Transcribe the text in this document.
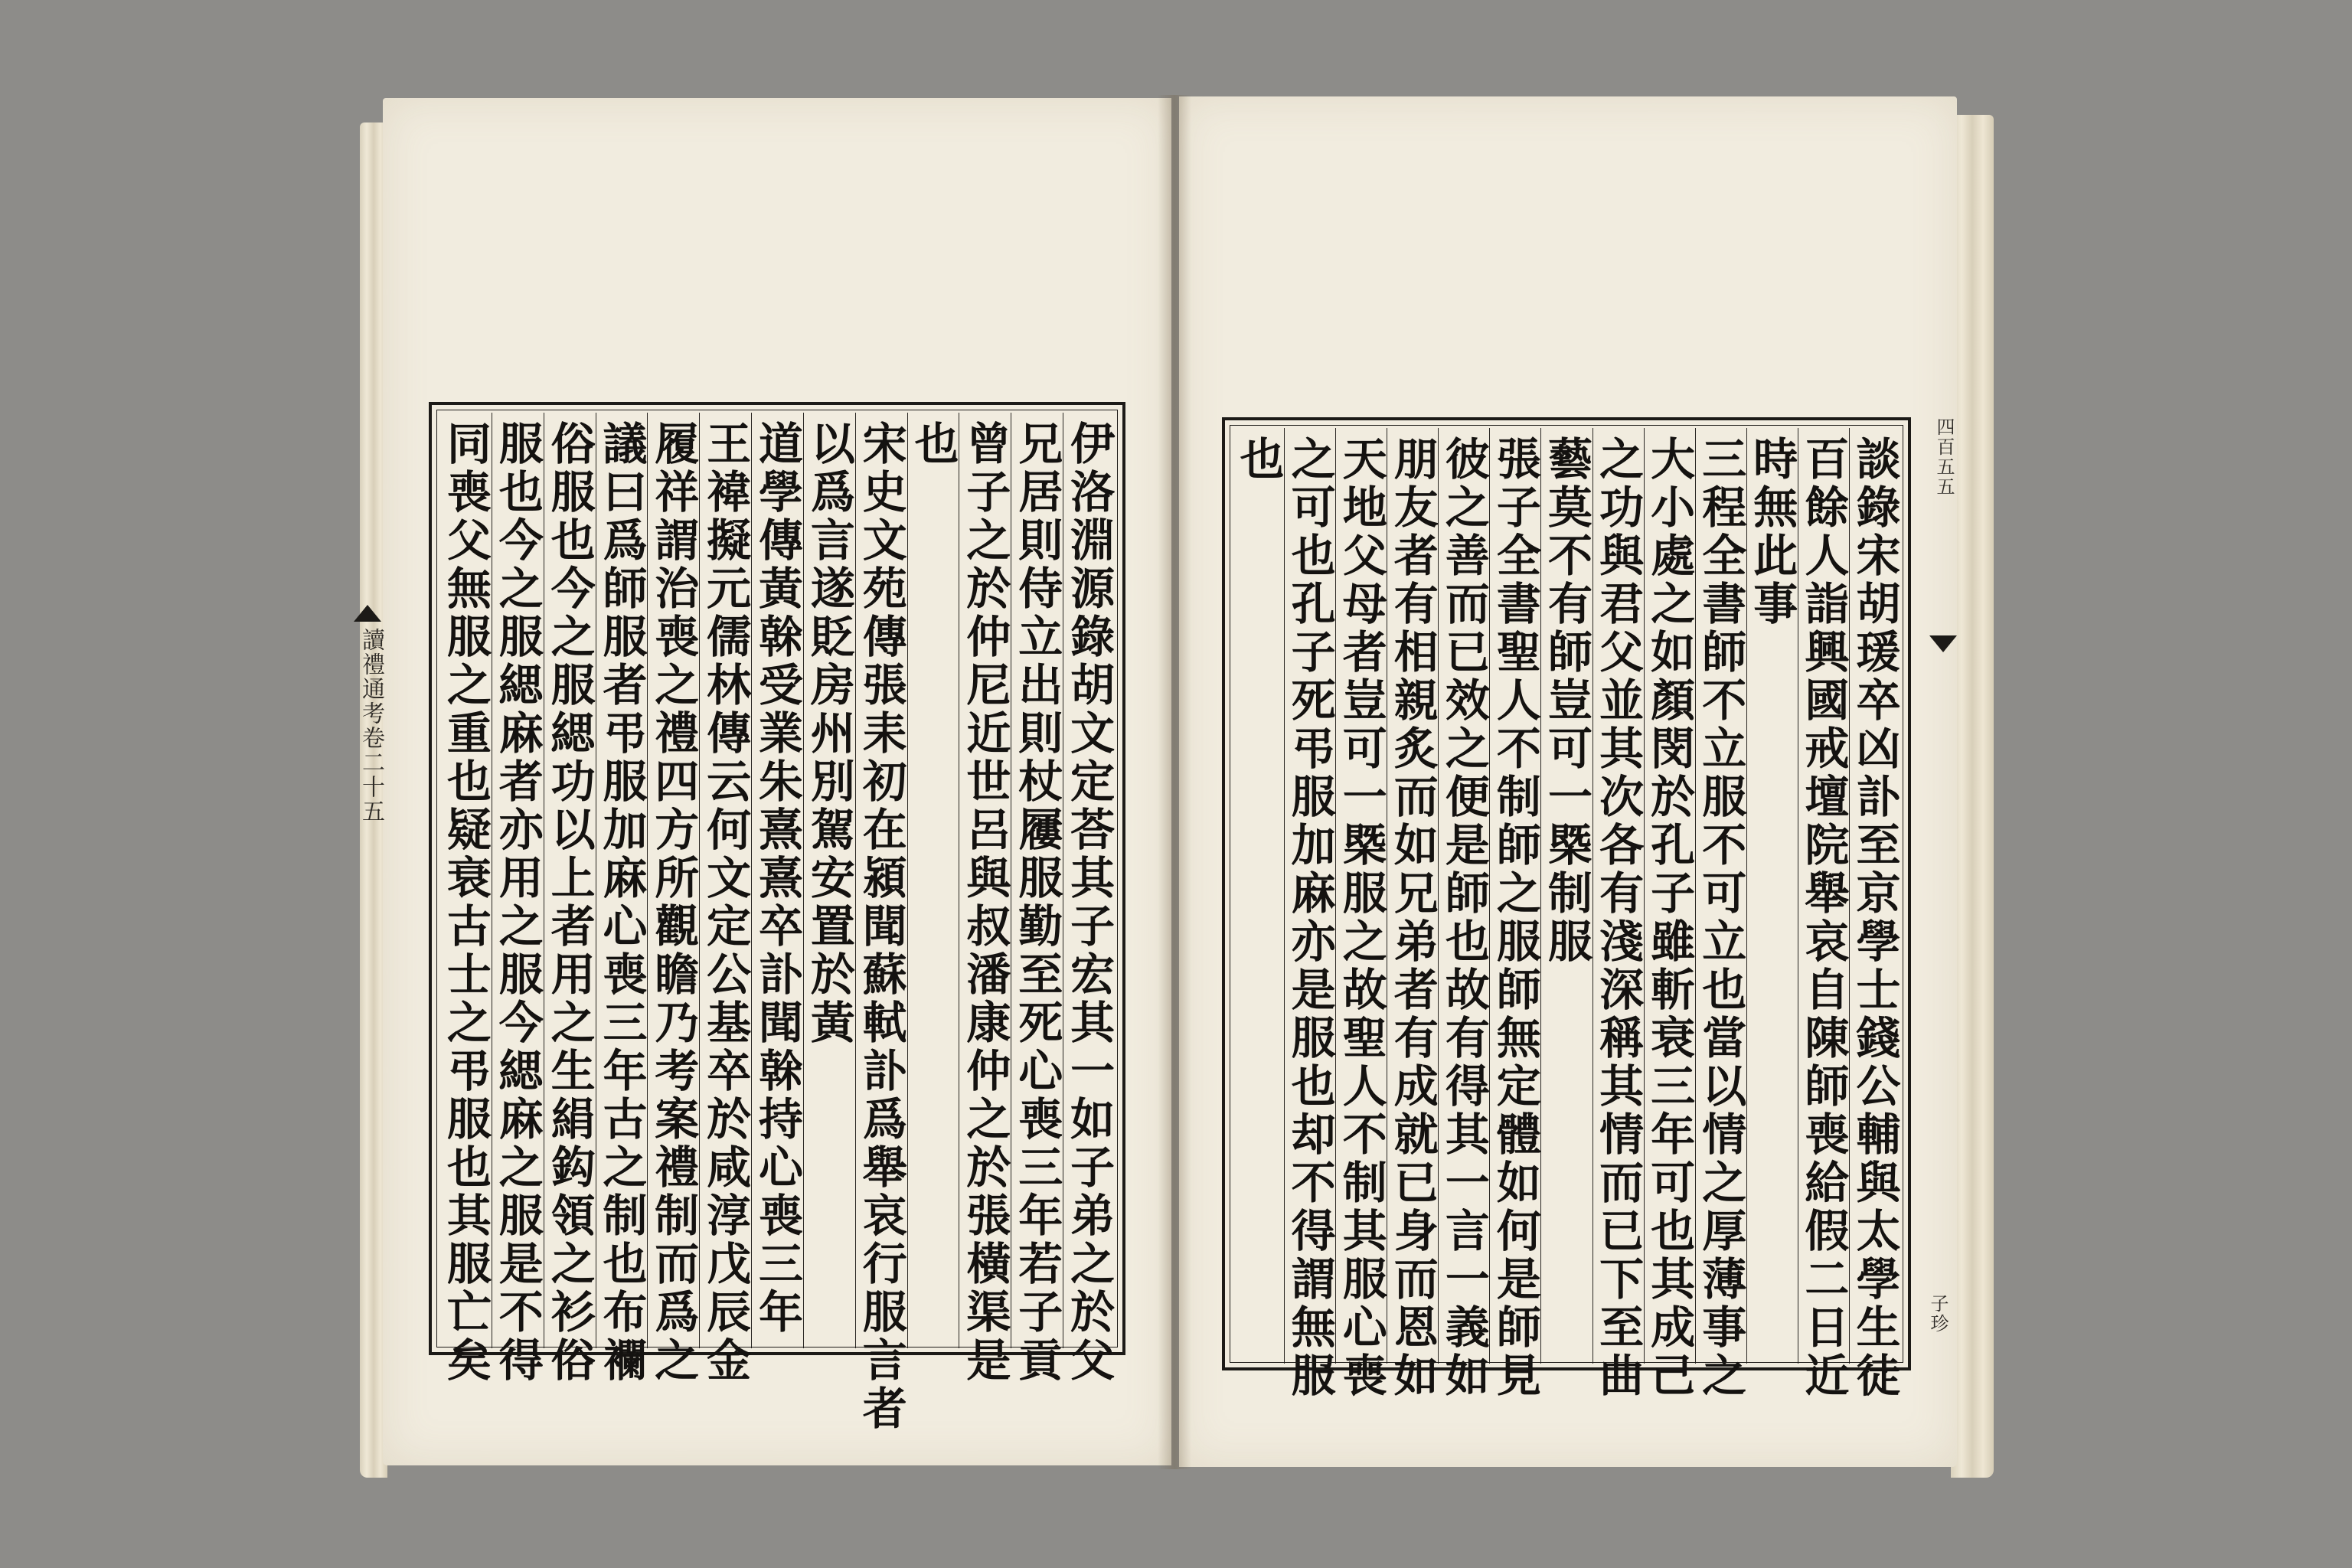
讀禮通考卷二十五
四百五五
子珍
伊洛淵源錄胡文定荅其子宏其一如子弟之於父
兄居則侍立出則杖屨服勤至死心喪三年若子貢
曾子之於仲尼近世呂與叔潘康仲之於張橫渠是
也
宋史文苑傳張耒初在潁聞蘇軾訃爲舉哀行服言者
以爲言遂貶房州別駕安置於黃
道學傳黃榦受業朱熹熹卒訃聞榦持心喪三年
王褘擬元儒林傳云何文定公基卒於咸淳戊辰金
履祥謂治喪之禮四方所觀瞻乃考案禮制而爲之
議曰爲師服者弔服加麻心喪三年古之制也布襴
俗服也今之服緦功以上者用之生絹鈎領之衫俗
服也今之服緦麻者亦用之服今緦麻之服是不得
同喪父無服之重也疑衰古士之弔服也其服亡矣	談錄宋胡瑗卒凶訃至京學士錢公輔與太學生徒
百餘人詣興國戒壇院舉哀自陳師喪給假二日近
時無此事
三程全書師不立服不可立也當以情之厚薄事之
大小處之如顏閔於孔子雖斬衰三年可也其成己
之功與君父並其次各有淺深稱其情而已下至曲
藝莫不有師豈可一槩制服
張子全書聖人不制師之服師無定體如何是師見
彼之善而已效之便是師也故有得其一言一義如
朋友者有相親炙而如兄弟者有成就已身而恩如
天地父母者豈可一槩服之故聖人不制其服心喪
之可也孔子死弔服加麻亦是服也却不得謂無服
也
